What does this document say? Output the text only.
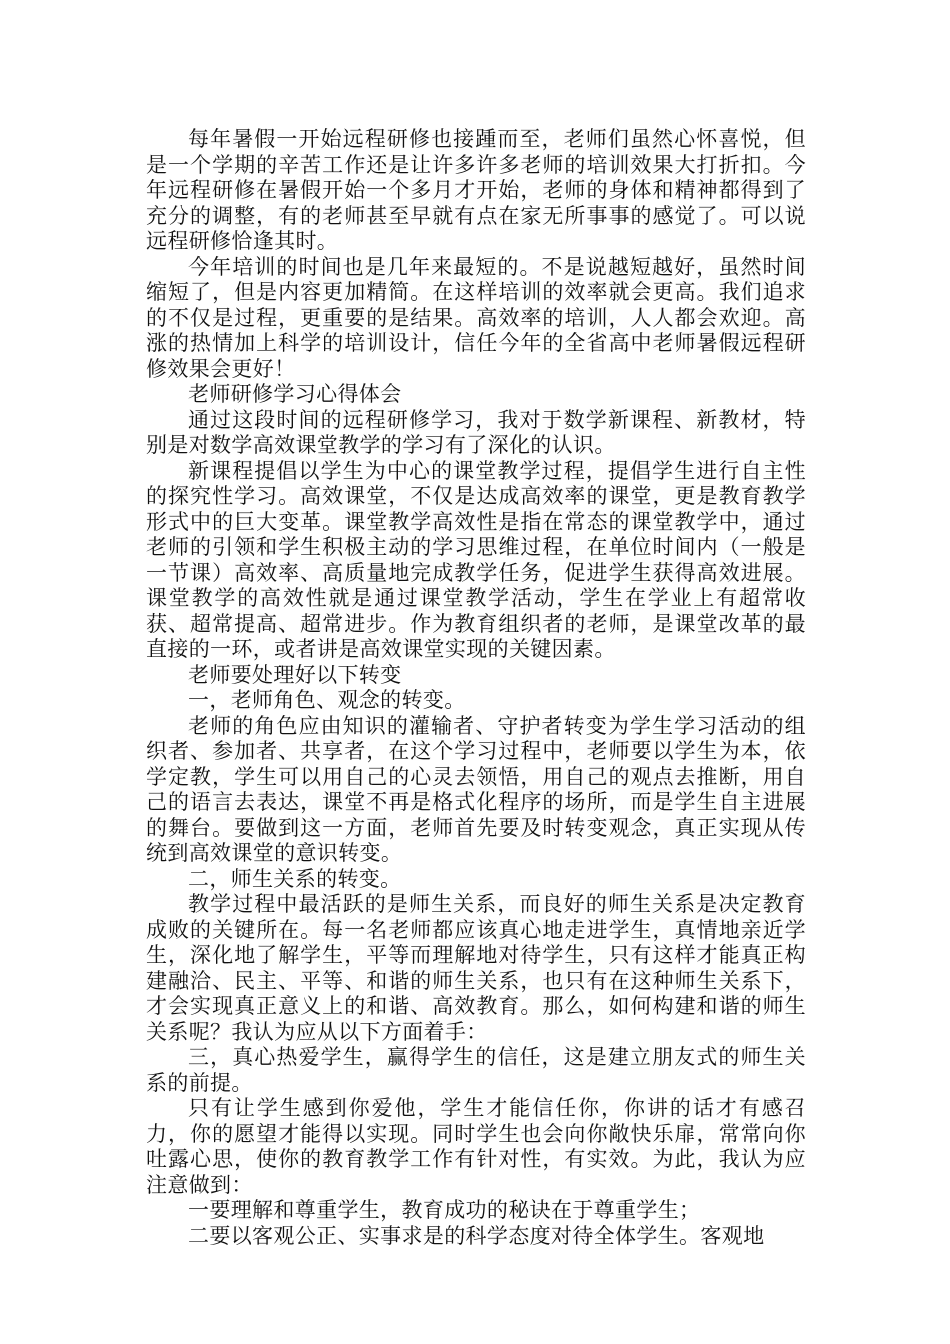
每年暑假一开始远程研修也接踵而至，老师们虽然心怀喜悦，但是一个学期的辛苦工作还是让许多许多老师的培训效果大打折扣。今年远程研修在暑假开始一个多月才开始，老师的身体和精神都得到了充分的调整，有的老师甚至早就有点在家无所事事的感觉了。可以说远程研修恰逢其时。

今年培训的时间也是几年来最短的。不是说越短越好，虽然时间缩短了，但是内容更加精简。在这样培训的效率就会更高。我们追求的不仅是过程，更重要的是结果。高效率的培训，人人都会欢迎。高涨的热情加上科学的培训设计，信任今年的全省高中老师暑假远程研修效果会更好！

老师研修学习心得体会

通过这段时间的远程研修学习，我对于数学新课程、新教材，特别是对数学高效课堂教学的学习有了深化的认识。

新课程提倡以学生为中心的课堂教学过程，提倡学生进行自主性的探究性学习。高效课堂，不仅是达成高效率的课堂，更是教育教学形式中的巨大变革。课堂教学高效性是指在常态的课堂教学中，通过老师的引领和学生积极主动的学习思维过程，在单位时间内（一般是一节课）高效率、高质量地完成教学任务，促进学生获得高效进展。课堂教学的高效性就是通过课堂教学活动，学生在学业上有超常收获、超常提高、超常进步。作为教育组织者的老师，是课堂改革的最直接的一环，或者讲是高效课堂实现的关键因素。

老师要处理好以下转变

一，老师角色、观念的转变。

老师的角色应由知识的灌输者、守护者转变为学生学习活动的组织者、参加者、共享者，在这个学习过程中，老师要以学生为本，依学定教，学生可以用自己的心灵去领悟，用自己的观点去推断，用自己的语言去表达，课堂不再是格式化程序的场所，而是学生自主进展的舞台。要做到这一方面，老师首先要及时转变观念，真正实现从传统到高效课堂的意识转变。

二，师生关系的转变。

教学过程中最活跃的是师生关系，而良好的师生关系是决定教育成败的关键所在。每一名老师都应该真心地走进学生，真情地亲近学生，深化地了解学生，平等而理解地对待学生，只有这样才能真正构建融洽、民主、平等、和谐的师生关系，也只有在这种师生关系下，才会实现真正意义上的和谐、高效教育。那么，如何构建和谐的师生关系呢？我认为应从以下方面着手：

三，真心热爱学生，赢得学生的信任，这是建立朋友式的师生关系的前提。

只有让学生感到你爱他，学生才能信任你，你讲的话才有感召力，你的愿望才能得以实现。同时学生也会向你敞快乐扉，常常向你吐露心思，使你的教育教学工作有针对性，有实效。为此，我认为应注意做到：

一要理解和尊重学生，教育成功的秘诀在于尊重学生；

二要以客观公正、实事求是的科学态度对待全体学生。客观地
